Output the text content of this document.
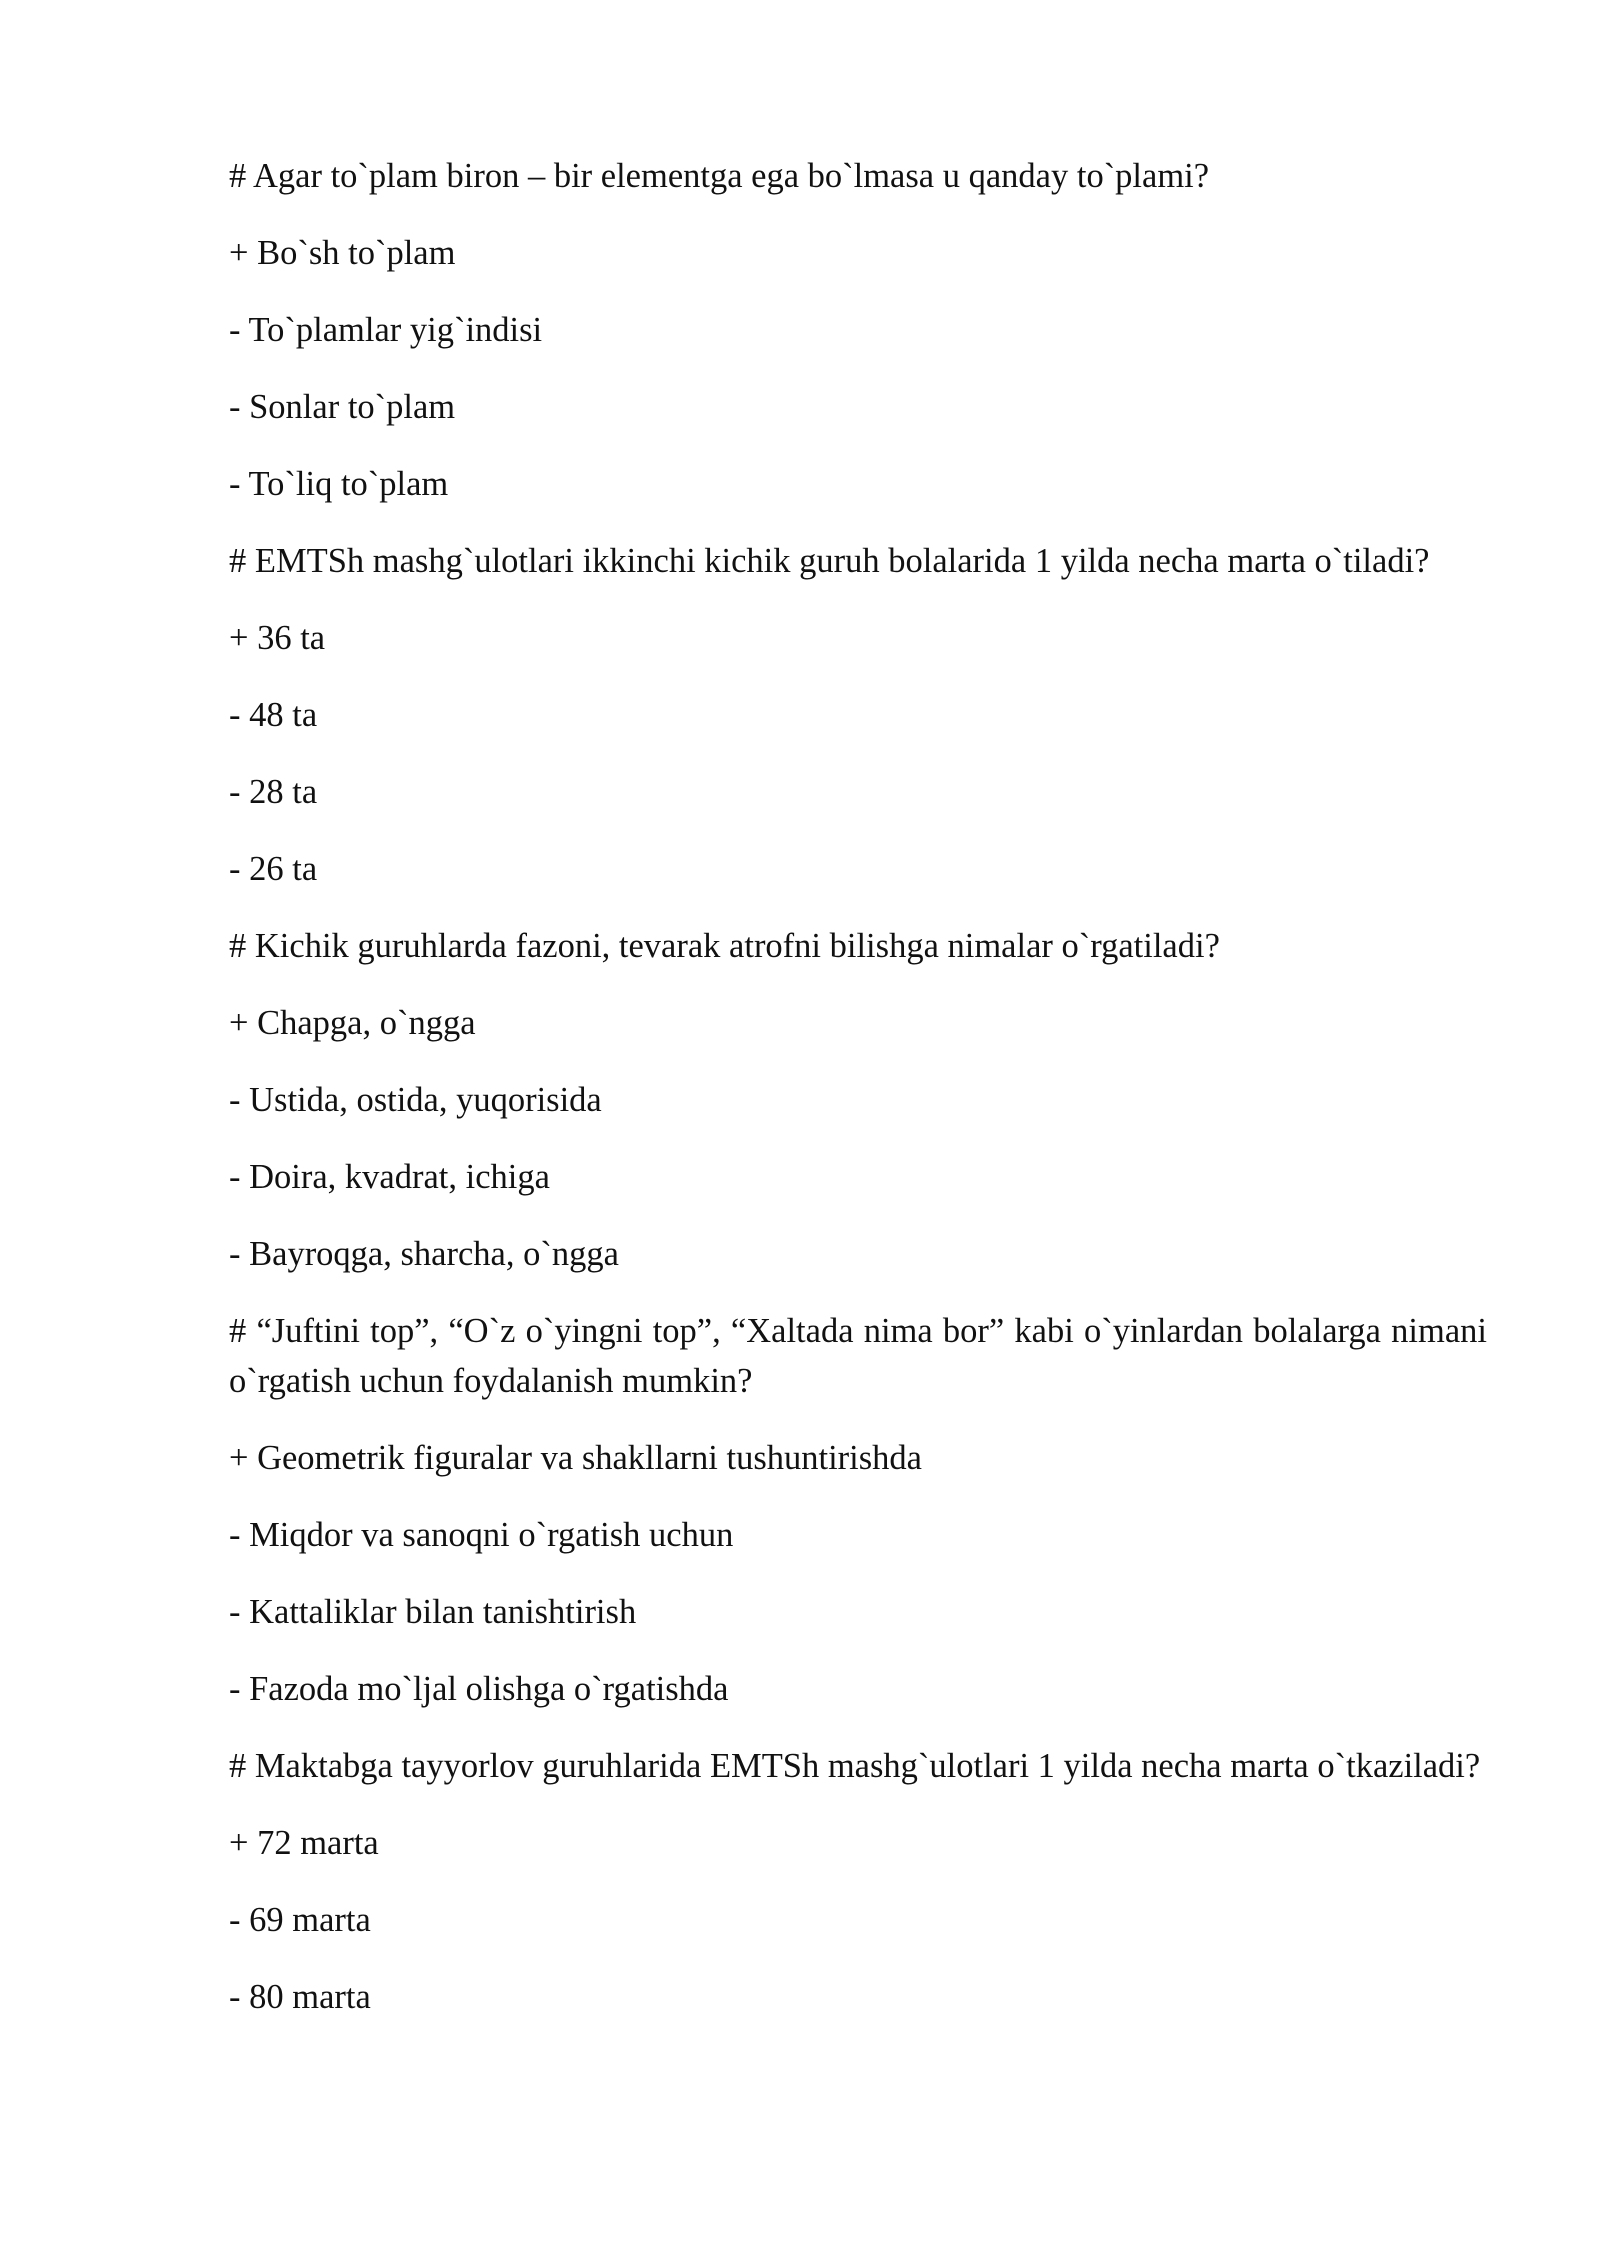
# Agar to`plam biron – bir elementga ega bo`lmasa u qanday to`plami?
+ Bo`sh to`plam
- To`plamlar yig`indisi
- Sonlar to`plam
- To`liq to`plam
# EMTSh mashg`ulotlari ikkinchi kichik guruh bolalarida 1 yilda necha marta o`tiladi?
+ 36 ta
- 48 ta
- 28 ta
- 26 ta
# Kichik guruhlarda fazoni, tevarak atrofni bilishga nimalar o`rgatiladi?
+ Chapga, o`ngga
- Ustida, ostida, yuqorisida
- Doira, kvadrat, ichiga
- Bayroqga, sharcha, o`ngga
# “Juftini top”, “O`z o`yingni top”, “Xaltada nima bor” kabi o`yinlardan bolalarga nimani o`rgatish uchun foydalanish mumkin?
+ Geometrik figuralar va shakllarni tushuntirishda
- Miqdor va sanoqni o`rgatish uchun
- Kattaliklar bilan tanishtirish
- Fazoda mo`ljal olishga o`rgatishda
# Maktabga tayyorlov guruhlarida EMTSh mashg`ulotlari 1 yilda necha marta o`tkaziladi?
+ 72 marta
- 69 marta
- 80 marta
